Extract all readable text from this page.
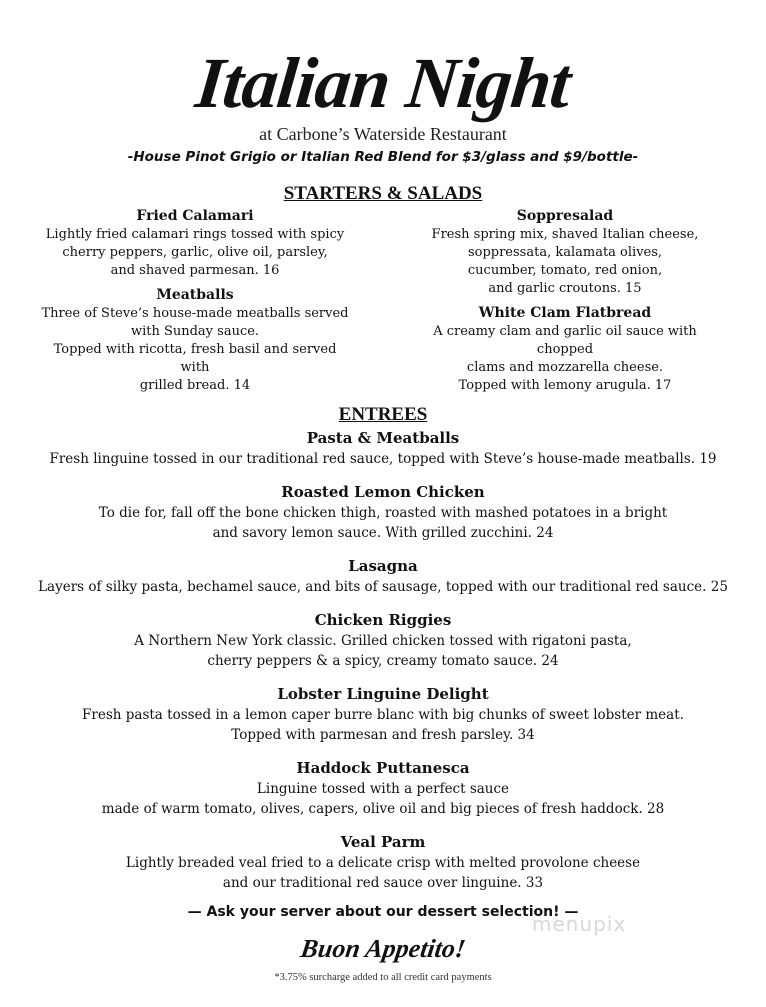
Italian Night
at Carbone’s Waterside Restaurant
-House Pinot Grigio or Italian Red Blend for $3/glass and $9/bottle-
STARTERS & SALADS
Fried Calamari
Lightly fried calamari rings tossed with spicy
cherry peppers, garlic, olive oil, parsley,
and shaved parmesan. 16
Meatballs
Three of Steve’s house-made meatballs served
with Sunday sauce.
Topped with ricotta, fresh basil and served with
grilled bread. 14
Soppresalad
Fresh spring mix, shaved Italian cheese,
soppressata, kalamata olives,
cucumber, tomato, red onion,
and garlic croutons. 15
White Clam Flatbread
A creamy clam and garlic oil sauce with chopped
clams and mozzarella cheese.
Topped with lemony arugula. 17
ENTREES
Pasta & Meatballs
Fresh linguine tossed in our traditional red sauce, topped with Steve’s house-made meatballs. 19
Roasted Lemon Chicken
To die for, fall off the bone chicken thigh, roasted with mashed potatoes in a bright
and savory lemon sauce. With grilled zucchini. 24
Lasagna
Layers of silky pasta, bechamel sauce, and bits of sausage, topped with our traditional red sauce. 25
Chicken Riggies
A Northern New York classic. Grilled chicken tossed with rigatoni pasta,
cherry peppers & a spicy, creamy tomato sauce. 24
Lobster Linguine Delight
Fresh pasta tossed in a lemon caper burre blanc with big chunks of sweet lobster meat.
Topped with parmesan and fresh parsley. 34
Haddock Puttanesca
Linguine tossed with a perfect sauce
made of warm tomato, olives, capers, olive oil and big pieces of fresh haddock. 28
Veal Parm
Lightly breaded veal fried to a delicate crisp with melted provolone cheese
and our traditional red sauce over linguine. 33
— Ask your server about our dessert selection! —
menupix
Buon Appetito!
*3.75% surcharge added to all credit card payments
